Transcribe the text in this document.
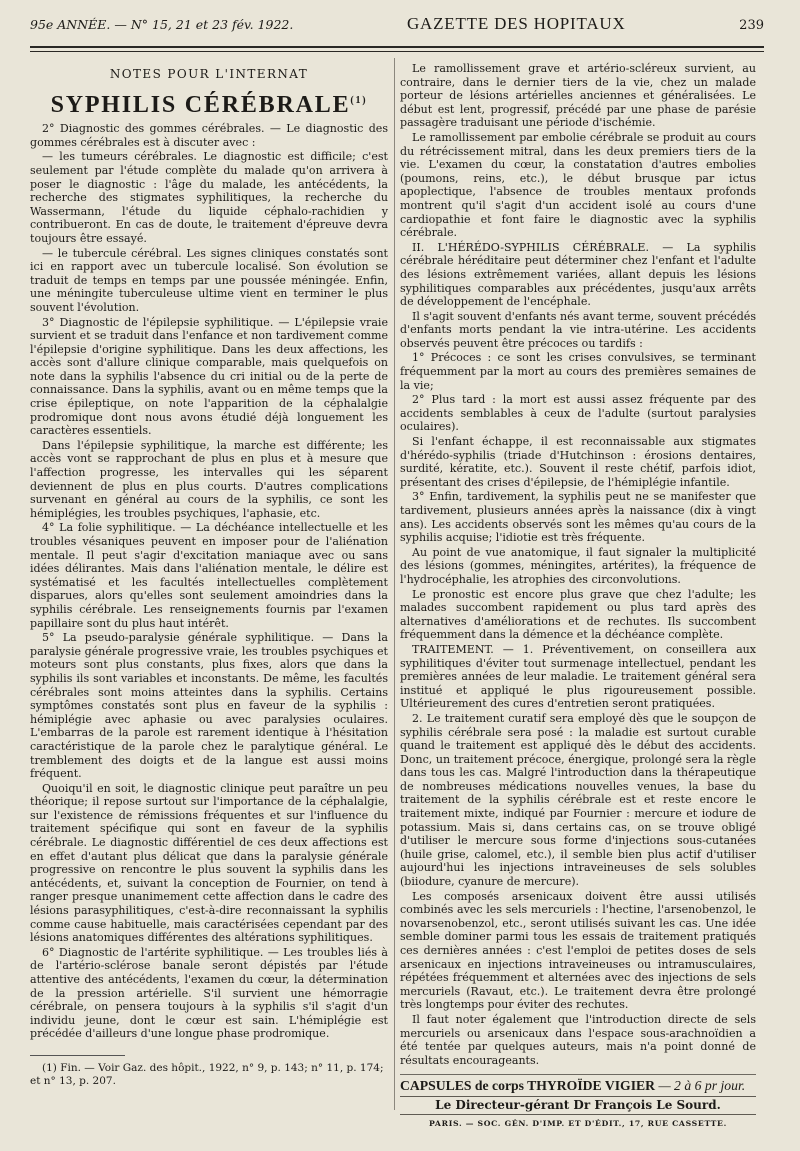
95e ANNÉE. — N° 15, 21 et 23 fév. 1922.	GAZETTE DES HOPITAUX	239
NOTES POUR L'INTERNAT
SYPHILIS CÉRÉBRALE$^{(1)}$

2° Diagnostic des gommes cérébrales. — Le diagnostic des gommes cérébrales est à discuter avec :

— les tumeurs cérébrales. Le diagnostic est difficile; c'est seulement par l'étude complète du malade qu'on arrivera à poser le diagnostic : l'âge du malade, les antécédents, la recherche des stigmates syphilitiques, la recherche du Wassermann, l'étude du liquide céphalo-rachidien y contribueront. En cas de doute, le traitement d'épreuve devra toujours être essayé.

— le tubercule cérébral. Les signes cliniques constatés sont ici en rapport avec un tubercule localisé. Son évolution se traduit de temps en temps par une poussée méningée. Enfin, une méningite tuberculeuse ultime vient en terminer le plus souvent l'évolution.

3° Diagnostic de l'épilepsie syphilitique. — L'épilepsie vraie survient et se traduit dans l'enfance et non tardivement comme l'épilepsie d'origine syphilitique. Dans les deux affections, les accès sont d'allure clinique comparable, mais quelquefois on note dans la syphilis l'absence du cri initial ou de la perte de connaissance. Dans la syphilis, avant ou en même temps que la crise épileptique, on note l'apparition de la céphalalgie prodromique dont nous avons étudié déjà longuement les caractères essentiels.

Dans l'épilepsie syphilitique, la marche est différente; les accès vont se rapprochant de plus en plus et à mesure que l'affection progresse, les intervalles qui les séparent deviennent de plus en plus courts. D'autres complications survenant en général au cours de la syphilis, ce sont les hémiplégies, les troubles psychiques, l'aphasie, etc.

4° La folie syphilitique. — La déchéance intellectuelle et les troubles vésaniques peuvent en imposer pour de l'aliénation mentale. Il peut s'agir d'excitation maniaque avec ou sans idées délirantes. Mais dans l'aliénation mentale, le délire est systématisé et les facultés intellectuelles complètement disparues, alors qu'elles sont seulement amoindries dans la syphilis cérébrale. Les renseignements fournis par l'examen papillaire sont du plus haut intérêt.

5° La pseudo-paralysie générale syphilitique. — Dans la paralysie générale progressive vraie, les troubles psychiques et moteurs sont plus constants, plus fixes, alors que dans la syphilis ils sont variables et inconstants. De même, les facultés cérébrales sont moins atteintes dans la syphilis. Certains symptômes constatés sont plus en faveur de la syphilis : hémiplégie avec aphasie ou avec paralysies oculaires. L'embarras de la parole est rarement identique à l'hésitation caractéristique de la parole chez le paralytique général. Le tremblement des doigts et de la langue est aussi moins fréquent.

Quoiqu'il en soit, le diagnostic clinique peut paraître un peu théorique; il repose surtout sur l'importance de la céphalalgie, sur l'existence de rémissions fréquentes et sur l'influence du traitement spécifique qui sont en faveur de la syphilis cérébrale. Le diagnostic différentiel de ces deux affections est en effet d'autant plus délicat que dans la paralysie générale progressive on rencontre le plus souvent la syphilis dans les antécédents, et, suivant la conception de Fournier, on tend à ranger presque unanimement cette affection dans le cadre des lésions parasyphilitiques, c'est-à-dire reconnaissant la syphilis comme cause habituelle, mais caractérisées cependant par des lésions anatomiques différentes des altérations syphilitiques.

6° Diagnostic de l'artérite syphilitique. — Les troubles liés à de l'artério-sclérose banale seront dépistés par l'étude attentive des antécédents, l'examen du cœur, la détermination de la pression artérielle. S'il survient une hémorragie cérébrale, on pensera toujours à la syphilis s'il s'agit d'un individu jeune, dont le cœur est sain. L'hémiplégie est précédée d'ailleurs d'une longue phase prodromique.

(1) Fin. — Voir Gaz. des hôpit., 1922, n° 9, p. 143; n° 11, p. 174; et n° 13, p. 207.

Le ramollissement grave et artério-scléreux survient, au contraire, dans le dernier tiers de la vie, chez un malade porteur de lésions artérielles anciennes et généralisées. Le début est lent, progressif, précédé par une phase de parésie passagère traduisant une période d'ischémie.

Le ramollissement par embolie cérébrale se produit au cours du rétrécissement mitral, dans les deux premiers tiers de la vie. L'examen du cœur, la constatation d'autres embolies (poumons, reins, etc.), le début brusque par ictus apoplectique, l'absence de troubles mentaux profonds montrent qu'il s'agit d'un accident isolé au cours d'une cardiopathie et font faire le diagnostic avec la syphilis cérébrale.

II. L'HÉRÉDO-SYPHILIS CÉRÉBRALE. — La syphilis cérébrale héréditaire peut déterminer chez l'enfant et l'adulte des lésions extrêmement variées, allant depuis les lésions syphilitiques comparables aux précédentes, jusqu'aux arrêts de développement de l'encéphale.

Il s'agit souvent d'enfants nés avant terme, souvent précédés d'enfants morts pendant la vie intra-utérine. Les accidents observés peuvent être précoces ou tardifs :

1° Précoces : ce sont les crises convulsives, se terminant fréquemment par la mort au cours des premières semaines de la vie;

2° Plus tard : la mort est aussi assez fréquente par des accidents semblables à ceux de l'adulte (surtout paralysies oculaires).

Si l'enfant échappe, il est reconnaissable aux stigmates d'hérédo-syphilis (triade d'Hutchinson : érosions dentaires, surdité, kératite, etc.). Souvent il reste chétif, parfois idiot, présentant des crises d'épilepsie, de l'hémiplégie infantile.

3° Enfin, tardivement, la syphilis peut ne se manifester que tardivement, plusieurs années après la naissance (dix à vingt ans). Les accidents observés sont les mêmes qu'au cours de la syphilis acquise; l'idiotie est très fréquente.

Au point de vue anatomique, il faut signaler la multiplicité des lésions (gommes, méningites, artérites), la fréquence de l'hydrocéphalie, les atrophies des circonvolutions.

Le pronostic est encore plus grave que chez l'adulte; les malades succombent rapidement ou plus tard après des alternatives d'améliorations et de rechutes. Ils succombent fréquemment dans la démence et la déchéance complète.

TRAITEMENT. — 1. Préventivement, on conseillera aux syphilitiques d'éviter tout surmenage intellectuel, pendant les premières années de leur maladie. Le traitement général sera institué et appliqué le plus rigoureusement possible. Ultérieurement des cures d'entretien seront pratiquées.

2. Le traitement curatif sera employé dès que le soupçon de syphilis cérébrale sera posé : la maladie est surtout curable quand le traitement est appliqué dès le début des accidents. Donc, un traitement précoce, énergique, prolongé sera la règle dans tous les cas. Malgré l'introduction dans la thérapeutique de nombreuses médications nouvelles venues, la base du traitement de la syphilis cérébrale est et reste encore le traitement mixte, indiqué par Fournier : mercure et iodure de potassium. Mais si, dans certains cas, on se trouve obligé d'utiliser le mercure sous forme d'injections sous-cutanées (huile grise, calomel, etc.), il semble bien plus actif d'utiliser aujourd'hui les injections intraveineuses de sels solubles (biiodure, cyanure de mercure).

Les composés arsenicaux doivent être aussi utilisés combinés avec les sels mercuriels : l'hectine, l'arsenobenzol, le novarsenobenzol, etc., seront utilisés suivant les cas. Une idée semble dominer parmi tous les essais de traitement pratiqués ces dernières années : c'est l'emploi de petites doses de sels arsenicaux en injections intraveineuses ou intramusculaires, répétées fréquemment et alternées avec des injections de sels mercuriels (Ravaut, etc.). Le traitement devra être prolongé très longtemps pour éviter des rechutes.

Il faut noter également que l'introduction directe de sels mercuriels ou arsenicaux dans l'espace sous-arachnoïdien a été tentée par quelques auteurs, mais n'a point donné de résultats encourageants.

CAPSULES de corps THYROÏDE VIGIER — 2 à 6 pr jour.
Le Directeur-gérant Dr François Le Sourd.
PARIS. — SOC. GÉN. D'IMP. ET D'ÉDIT., 17, RUE CASSETTE.
